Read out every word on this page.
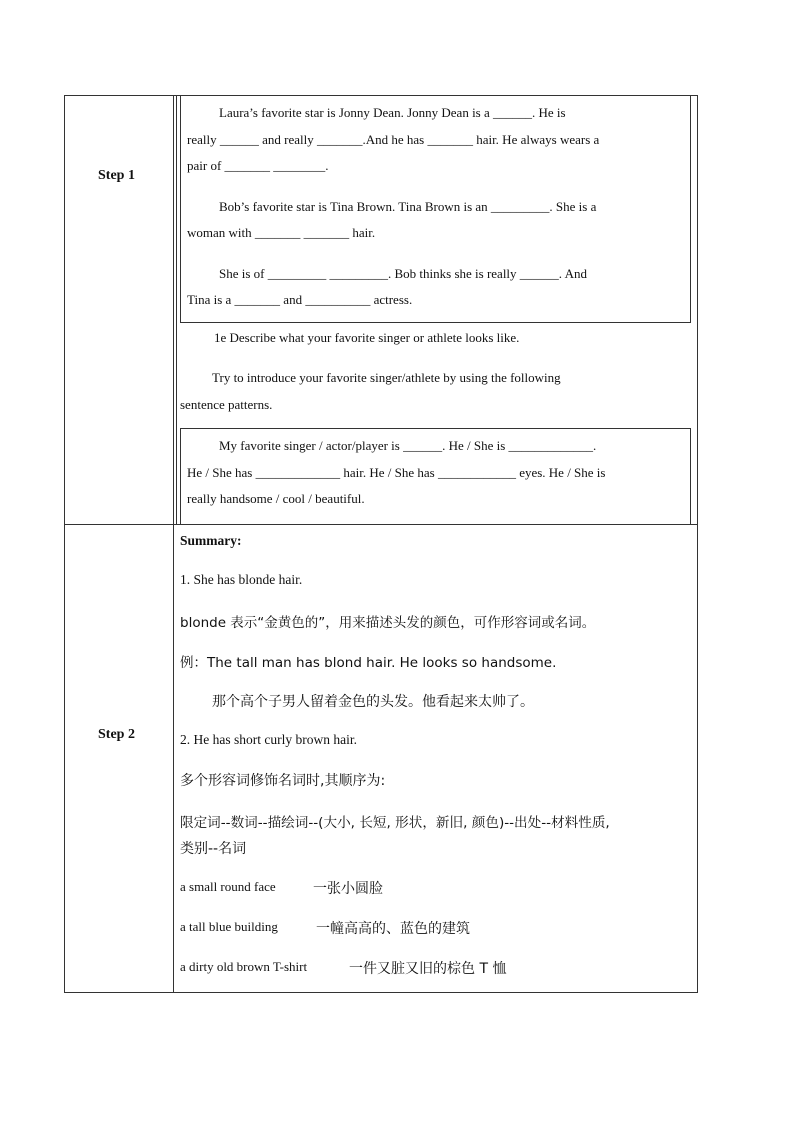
Step 1

Laura’s favorite star is Jonny Dean. Jonny Dean is a ______. He is

really ______ and really _______.And he has _______ hair. He always wears a

pair of _______ ________.

Bob’s favorite star is Tina Brown. Tina Brown is an _________. She is a

woman with _______ _______ hair.

She is of _________ _________. Bob thinks she is really ______. And

Tina is a _______ and __________ actress.

1e Describe what your favorite singer or athlete looks like.
Try to introduce your favorite singer/athlete by using the following
sentence patterns.

My favorite singer / actor/player is ______. He / She is _____________.

He / She has _____________ hair. He / She has ____________ eyes. He / She is

really handsome / cool / beautiful.

Step 2
Summary:
1. She has blonde hair.
blonde 表示“金黄色的”，用来描述头发的颜色，可作形容词或名词。
例：The tall man has blond hair. He looks so handsome.
那个高个子男人留着金色的头发。他看起来太帅了。
2. He has short curly brown hair.
多个形容词修饰名词时,其顺序为:
限定词--数词--描绘词--(大小, 长短, 形状，新旧, 颜色)--出处--材料性质,
类别--名词
a small round face	一张小圆脸
a tall blue building	一幢高高的、蓝色的建筑
a dirty old brown T-shirt	一件又脏又旧的棕色 T 恤
